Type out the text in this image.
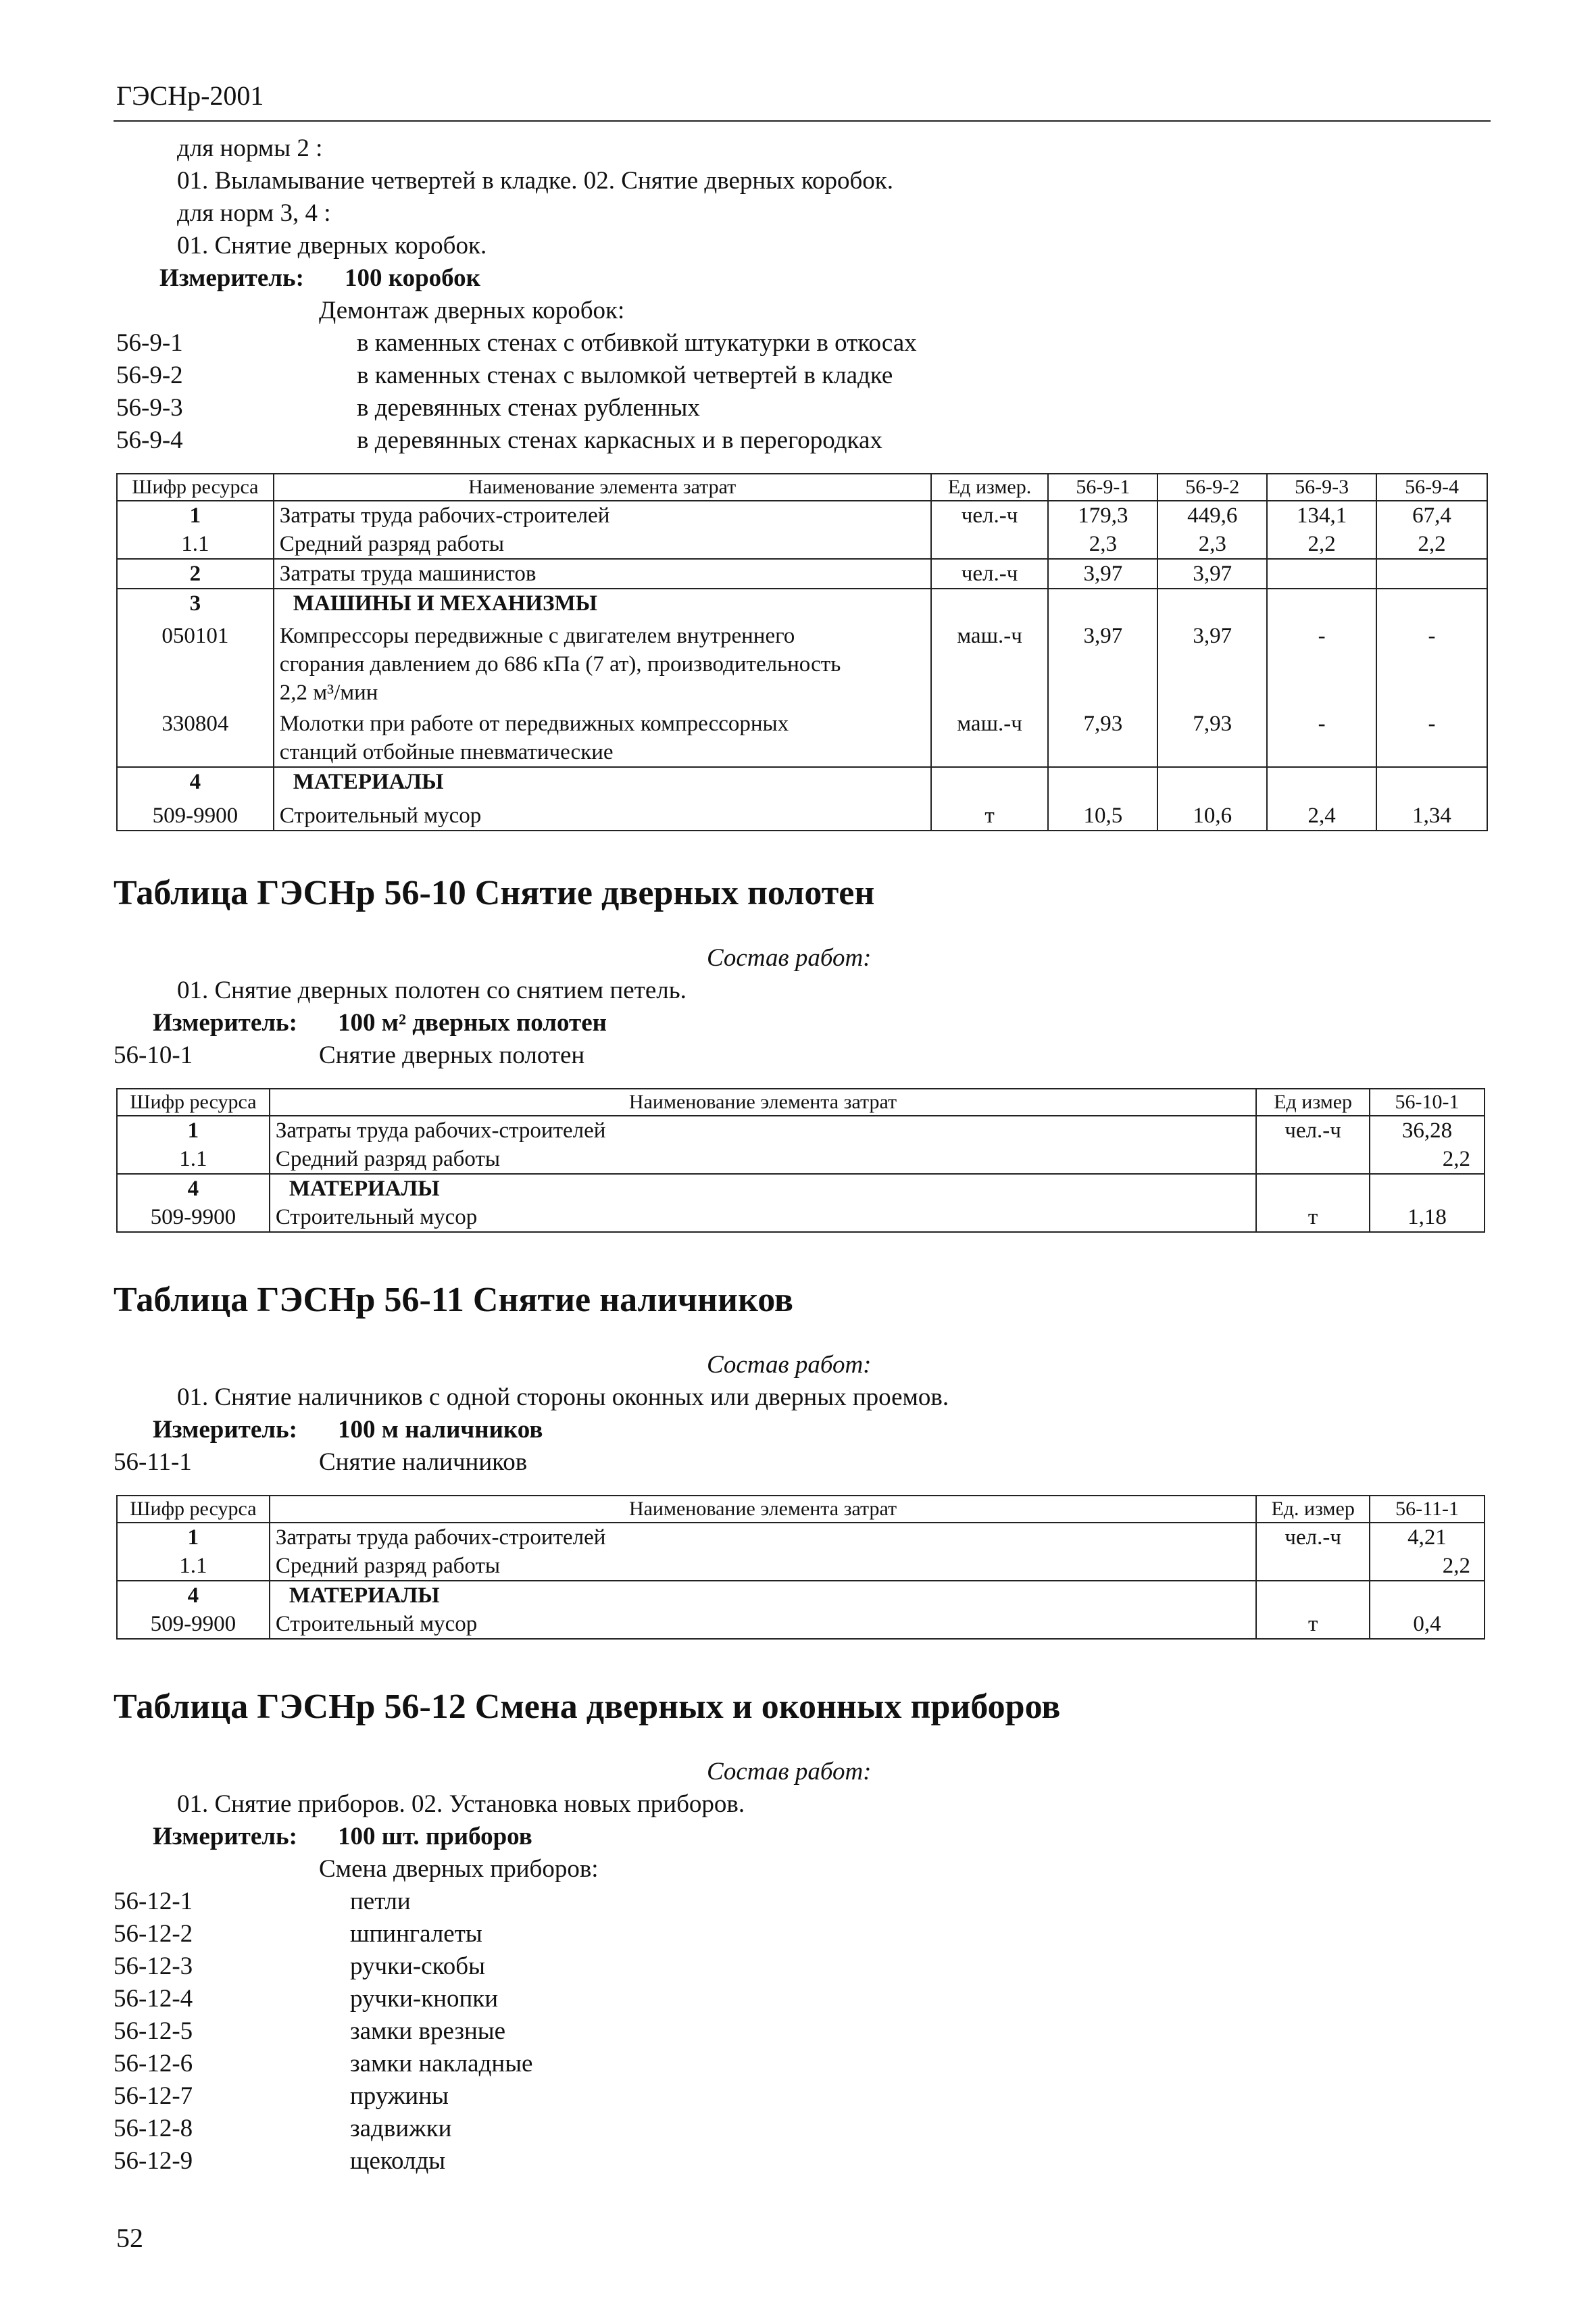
ГЭСНр-2001
для нормы 2 :
01. Выламывание четвертей в кладке. 02. Снятие дверных коробок.
для норм 3, 4 :
01. Снятие дверных коробок.
Измеритель: 100 коробок
Демонтаж дверных коробок:
56-9-1	в каменных стенах с отбивкой штукатурки в откосах
56-9-2	в каменных стенах с выломкой четвертей в кладке
56-9-3	в деревянных стенах рубленных
56-9-4	в деревянных стенах каркасных и в перегородках
Шифр ресурса	Наименование элемента затрат	Ед измер.	56-9-1	56-9-2	56-9-3	56-9-4
1	Затраты труда рабочих-строителей	чел.-ч	179,3	449,6	134,1	67,4
1.1	Средний разряд работы		2,3	2,3	2,2	2,2
2	Затраты труда машинистов	чел.-ч	3,97	3,97		
3	МАШИНЫ И МЕХАНИЗМЫ					
050101	Компрессоры передвижные с двигателем внутреннего
сгорания давлением до 686 кПа (7 ат), производительность
2,2 м³/мин	маш.-ч	3,97	3,97	-	-
330804	Молотки при работе от передвижных компрессорных
станций отбойные пневматические	маш.-ч	7,93	7,93	-	-
4	МАТЕРИАЛЫ					
509-9900	Строительный мусор	т	10,5	10,6	2,4	1,34
Таблица ГЭСНр 56-10 Снятие дверных полотен
Состав работ:
01. Снятие дверных полотен со снятием петель.
Измеритель: 100 м² дверных полотен
56-10-1	Снятие дверных полотен
Шифр ресурса	Наименование элемента затрат	Ед измер	56-10-1
1	Затраты труда рабочих-строителей	чел.-ч	36,28
1.1	Средний разряд работы		2,2
4	МАТЕРИАЛЫ		
509-9900	Строительный мусор	т	1,18
Таблица ГЭСНр 56-11 Снятие наличников
Состав работ:
01. Снятие наличников с одной стороны оконных или дверных проемов.
Измеритель: 100 м наличников
56-11-1	Снятие наличников
Шифр ресурса	Наименование элемента затрат	Ед. измер	56-11-1
1	Затраты труда рабочих-строителей	чел.-ч	4,21
1.1	Средний разряд работы		2,2
4	МАТЕРИАЛЫ		
509-9900	Строительный мусор	т	0,4
Таблица ГЭСНр 56-12 Смена дверных и оконных приборов
Состав работ:
01. Снятие приборов. 02. Установка новых приборов.
Измеритель: 100 шт. приборов
Смена дверных приборов:
56-12-1	петли
56-12-2	шпингалеты
56-12-3	ручки-скобы
56-12-4	ручки-кнопки
56-12-5	замки врезные
56-12-6	замки накладные
56-12-7	пружины
56-12-8	задвижки
56-12-9	щеколды
52
